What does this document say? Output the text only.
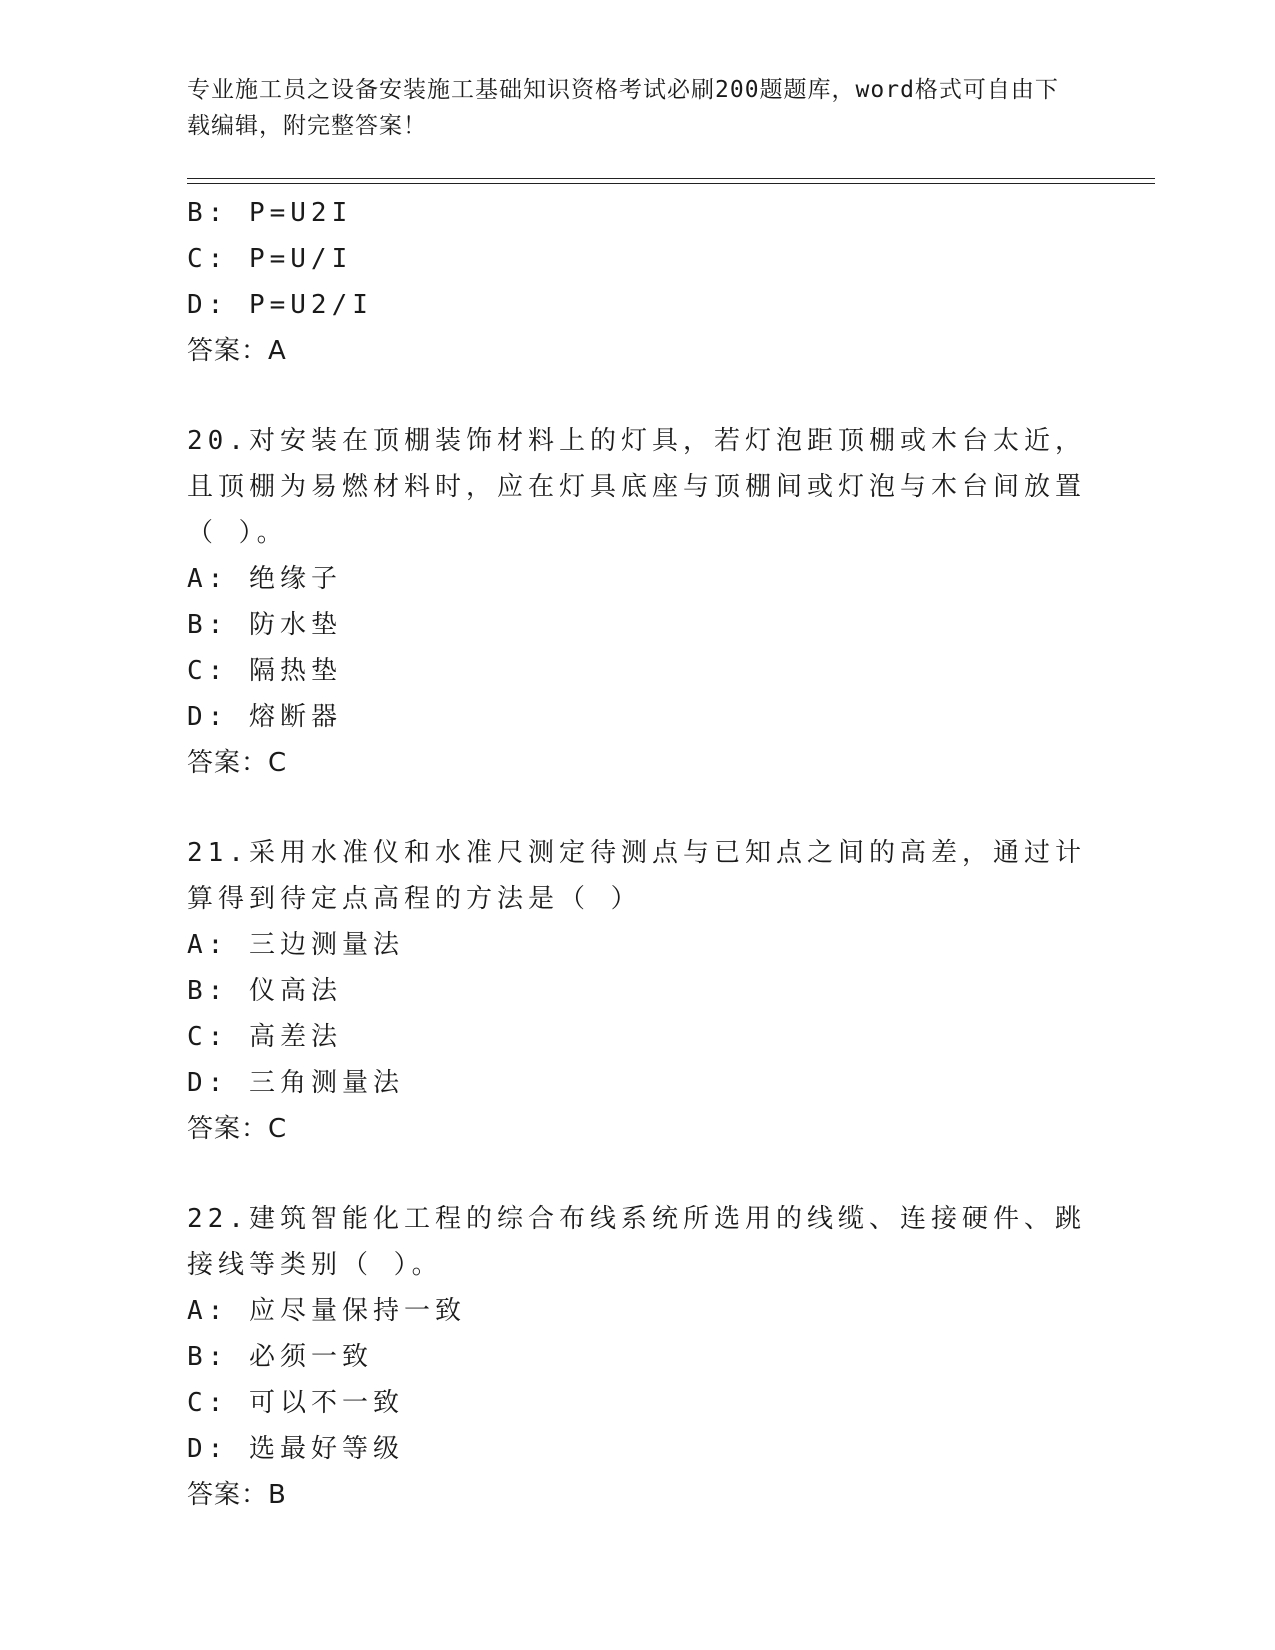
专业施工员之设备安装施工基础知识资格考试必刷200题题库，word格式可自由下载编辑，附完整答案！
B: P=U2I
C: P=U/I
D: P=U2/I
答案：A
20.对安装在顶棚装饰材料上的灯具，若灯泡距顶棚或木台太近，且顶棚为易燃材料时，应在灯具底座与顶棚间或灯泡与木台间放置（ ）。
A: 绝缘子
B: 防水垫
C: 隔热垫
D: 熔断器
答案：C
21.采用水准仪和水准尺测定待测点与已知点之间的高差，通过计算得到待定点高程的方法是（ ）
A: 三边测量法
B: 仪高法
C: 高差法
D: 三角测量法
答案：C
22.建筑智能化工程的综合布线系统所选用的线缆、连接硬件、跳接线等类别（ ）。
A: 应尽量保持一致
B: 必须一致
C: 可以不一致
D: 选最好等级
答案：B
